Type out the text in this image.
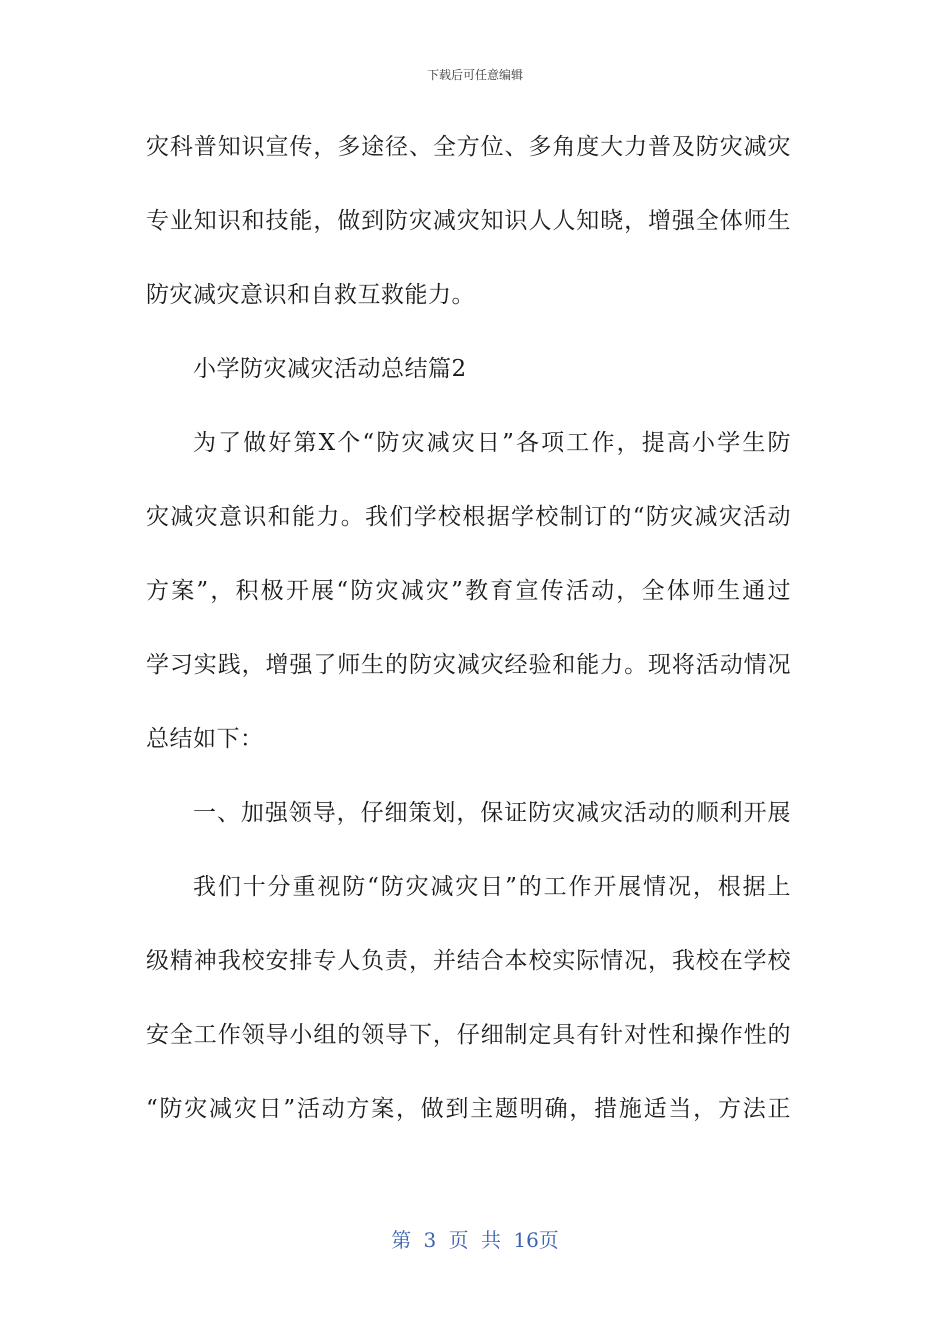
下载后可任意编辑
灾科普知识宣传，多途径、全方位、多角度大力普及防灾减灾
专业知识和技能，做到防灾减灾知识人人知晓，增强全体师生
防灾减灾意识和自救互救能力。
小学防灾减灾活动总结篇2
为了做好第X个“防灾减灾日”各项工作，提高小学生防
灾减灾意识和能力。我们学校根据学校制订的“防灾减灾活动
方案”，积极开展“防灾减灾”教育宣传活动，全体师生通过
学习实践，增强了师生的防灾减灾经验和能力。现将活动情况
总结如下：
一、加强领导，仔细策划，保证防灾减灾活动的顺利开展
我们十分重视防“防灾减灾日”的工作开展情况，根据上
级精神我校安排专人负责，并结合本校实际情况，我校在学校
安全工作领导小组的领导下，仔细制定具有针对性和操作性的
“防灾减灾日”活动方案，做到主题明确，措施适当，方法正
第 3 页 共 16页
